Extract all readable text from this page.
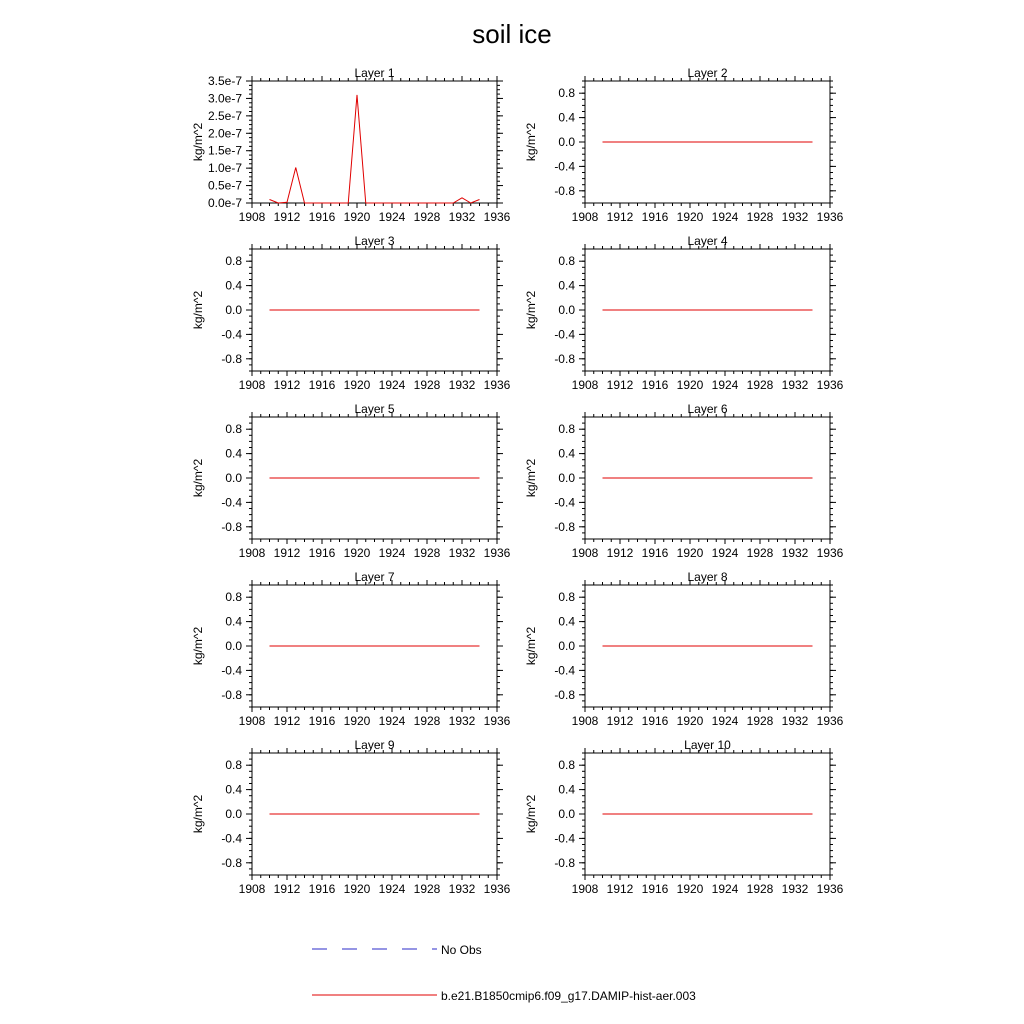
soil ice
Layer 1
kg/m^2
1908 1912 1916 1920 1924 1928 1932 1936
0.0e-7
0.5e-7
1.0e-7
1.5e-7
2.0e-7
2.5e-7
3.0e-7
3.5e-7
Layer 2
kg/m^2
1908 1912 1916 1920 1924 1928 1932 1936
-0.8
-0.4
0.0
0.4
0.8
Layer 3
kg/m^2
1908 1912 1916 1920 1924 1928 1932 1936
-0.8
-0.4
0.0
0.4
0.8
Layer 4
kg/m^2
1908 1912 1916 1920 1924 1928 1932 1936
-0.8
-0.4
0.0
0.4
0.8
Layer 5
kg/m^2
1908 1912 1916 1920 1924 1928 1932 1936
-0.8
-0.4
0.0
0.4
0.8
Layer 6
kg/m^2
1908 1912 1916 1920 1924 1928 1932 1936
-0.8
-0.4
0.0
0.4
0.8
Layer 7
kg/m^2
1908 1912 1916 1920 1924 1928 1932 1936
-0.8
-0.4
0.0
0.4
0.8
Layer 8
kg/m^2
1908 1912 1916 1920 1924 1928 1932 1936
-0.8
-0.4
0.0
0.4
0.8
Layer 9
kg/m^2
1908 1912 1916 1920 1924 1928 1932 1936
-0.8
-0.4
0.0
0.4
0.8
Layer 10
kg/m^2
1908 1912 1916 1920 1924 1928 1932 1936
-0.8
-0.4
0.0
0.4
0.8
No Obs
b.e21.B1850cmip6.f09_g17.DAMIP-hist-aer.003
